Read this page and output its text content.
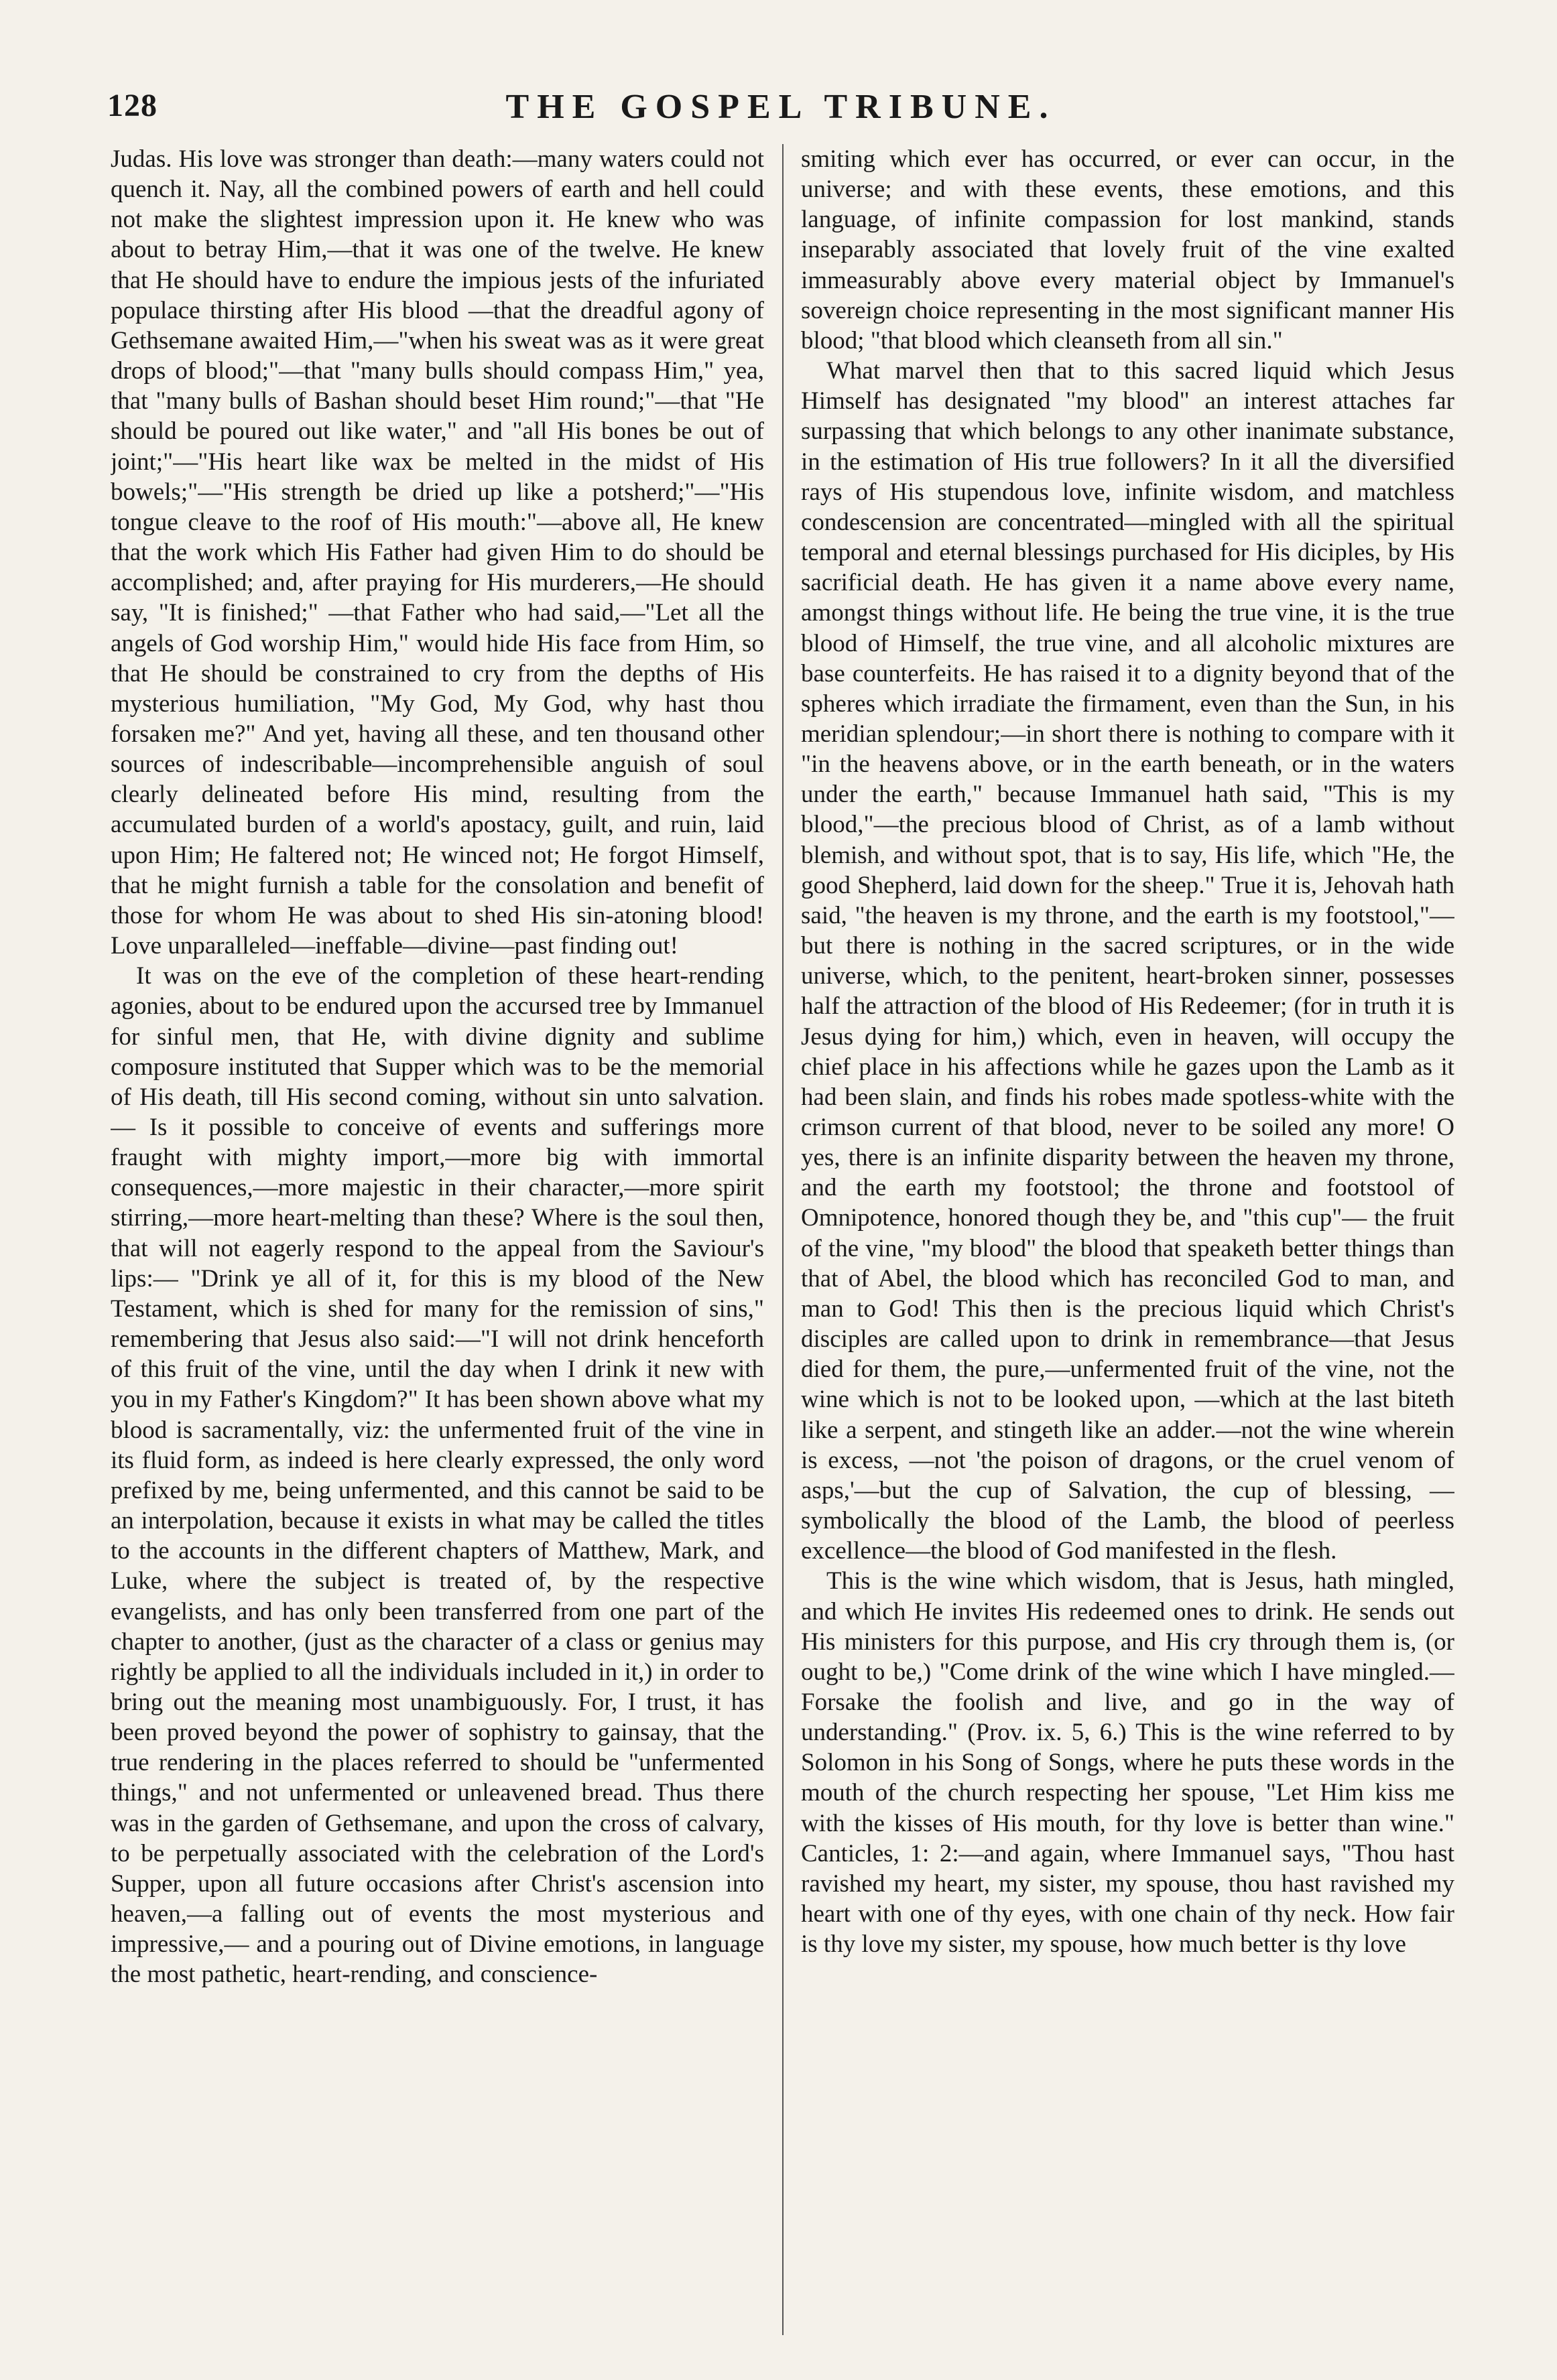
128	THE GOSPEL TRIBUNE.

Judas. His love was stronger than death:—many waters could not quench it. Nay, all the combined powers of earth and hell could not make the slightest impression upon it. He knew who was about to betray Him,—that it was one of the twelve. He knew that He should have to endure the impious jests of the infuriated populace thirsting after His blood —that the dreadful agony of Gethsemane awaited Him,—"when his sweat was as it were great drops of blood;"—that "many bulls should compass Him," yea, that "many bulls of Bashan should beset Him round;"—that "He should be poured out like water," and "all His bones be out of joint;"—"His heart like wax be melted in the midst of His bowels;"—"His strength be dried up like a potsherd;"—"His tongue cleave to the roof of His mouth:"—above all, He knew that the work which His Father had given Him to do should be accomplished; and, after praying for His murderers,—He should say, "It is finished;" —that Father who had said,—"Let all the angels of God worship Him," would hide His face from Him, so that He should be constrained to cry from the depths of His mysterious humiliation, "My God, My God, why hast thou forsaken me?" And yet, having all these, and ten thousand other sources of indescribable—incomprehensible anguish of soul clearly delineated before His mind, resulting from the accumulated burden of a world's apostacy, guilt, and ruin, laid upon Him; He faltered not; He winced not; He forgot Himself, that he might furnish a table for the consolation and benefit of those for whom He was about to shed His sin-atoning blood! Love unparalleled—ineffable—divine—past finding out!

It was on the eve of the completion of these heart-rending agonies, about to be endured upon the accursed tree by Immanuel for sinful men, that He, with divine dignity and sublime composure instituted that Supper which was to be the memorial of His death, till His second coming, without sin unto salvation.— Is it possible to conceive of events and sufferings more fraught with mighty import,—more big with immortal consequences,—more majestic in their character,—more spirit stirring,—more heart-melting than these? Where is the soul then, that will not eagerly respond to the appeal from the Saviour's lips:— "Drink ye all of it, for this is my blood of the New Testament, which is shed for many for the remission of sins," remembering that Jesus also said:—"I will not drink henceforth of this fruit of the vine, until the day when I drink it new with you in my Father's Kingdom?" It has been shown above what my blood is sacramentally, viz: the unfermented fruit of the vine in its fluid form, as indeed is here clearly expressed, the only word prefixed by me, being unfermented, and this cannot be said to be an interpolation, because it exists in what may be called the titles to the accounts in the different chapters of Matthew, Mark, and Luke, where the subject is treated of, by the respective evangelists, and has only been transferred from one part of the chapter to another, (just as the character of a class or genius may rightly be applied to all the individuals included in it,) in order to bring out the meaning most unambiguously. For, I trust, it has been proved beyond the power of sophistry to gainsay, that the true rendering in the places referred to should be "unfermented things," and not unfermented or unleavened bread. Thus there was in the garden of Gethsemane, and upon the cross of calvary, to be perpetually associated with the celebration of the Lord's Supper, upon all future occasions after Christ's ascension into heaven,—a falling out of events the most mysterious and impressive,— and a pouring out of Divine emotions, in language the most pathetic, heart-rending, and conscience-

smiting which ever has occurred, or ever can occur, in the universe; and with these events, these emotions, and this language, of infinite compassion for lost mankind, stands inseparably associated that lovely fruit of the vine exalted immeasurably above every material object by Immanuel's sovereign choice representing in the most significant manner His blood; "that blood which cleanseth from all sin."

What marvel then that to this sacred liquid which Jesus Himself has designated "my blood" an interest attaches far surpassing that which belongs to any other inanimate substance, in the estimation of His true followers? In it all the diversified rays of His stupendous love, infinite wisdom, and matchless condescension are concentrated—mingled with all the spiritual temporal and eternal blessings purchased for His diciples, by His sacrificial death. He has given it a name above every name, amongst things without life. He being the true vine, it is the true blood of Himself, the true vine, and all alcoholic mixtures are base counterfeits. He has raised it to a dignity beyond that of the spheres which irradiate the firmament, even than the Sun, in his meridian splendour;—in short there is nothing to compare with it "in the heavens above, or in the earth beneath, or in the waters under the earth," because Immanuel hath said, "This is my blood,"—the precious blood of Christ, as of a lamb without blemish, and without spot, that is to say, His life, which "He, the good Shepherd, laid down for the sheep." True it is, Jehovah hath said, "the heaven is my throne, and the earth is my footstool,"—but there is nothing in the sacred scriptures, or in the wide universe, which, to the penitent, heart-broken sinner, possesses half the attraction of the blood of His Redeemer; (for in truth it is Jesus dying for him,) which, even in heaven, will occupy the chief place in his affections while he gazes upon the Lamb as it had been slain, and finds his robes made spotless-white with the crimson current of that blood, never to be soiled any more! O yes, there is an infinite disparity between the heaven my throne, and the earth my footstool; the throne and footstool of Omnipotence, honored though they be, and "this cup"— the fruit of the vine, "my blood" the blood that speaketh better things than that of Abel, the blood which has reconciled God to man, and man to God! This then is the precious liquid which Christ's disciples are called upon to drink in remembrance—that Jesus died for them, the pure,—unfermented fruit of the vine, not the wine which is not to be looked upon, —which at the last biteth like a serpent, and stingeth like an adder.—not the wine wherein is excess, —not 'the poison of dragons, or the cruel venom of asps,'—but the cup of Salvation, the cup of blessing, —symbolically the blood of the Lamb, the blood of peerless excellence—the blood of God manifested in the flesh.

This is the wine which wisdom, that is Jesus, hath mingled, and which He invites His redeemed ones to drink. He sends out His ministers for this purpose, and His cry through them is, (or ought to be,) "Come drink of the wine which I have mingled.— Forsake the foolish and live, and go in the way of understanding." (Prov. ix. 5, 6.) This is the wine referred to by Solomon in his Song of Songs, where he puts these words in the mouth of the church respecting her spouse, "Let Him kiss me with the kisses of His mouth, for thy love is better than wine." Canticles, 1: 2:—and again, where Immanuel says, "Thou hast ravished my heart, my sister, my spouse, thou hast ravished my heart with one of thy eyes, with one chain of thy neck. How fair is thy love my sister, my spouse, how much better is thy love
